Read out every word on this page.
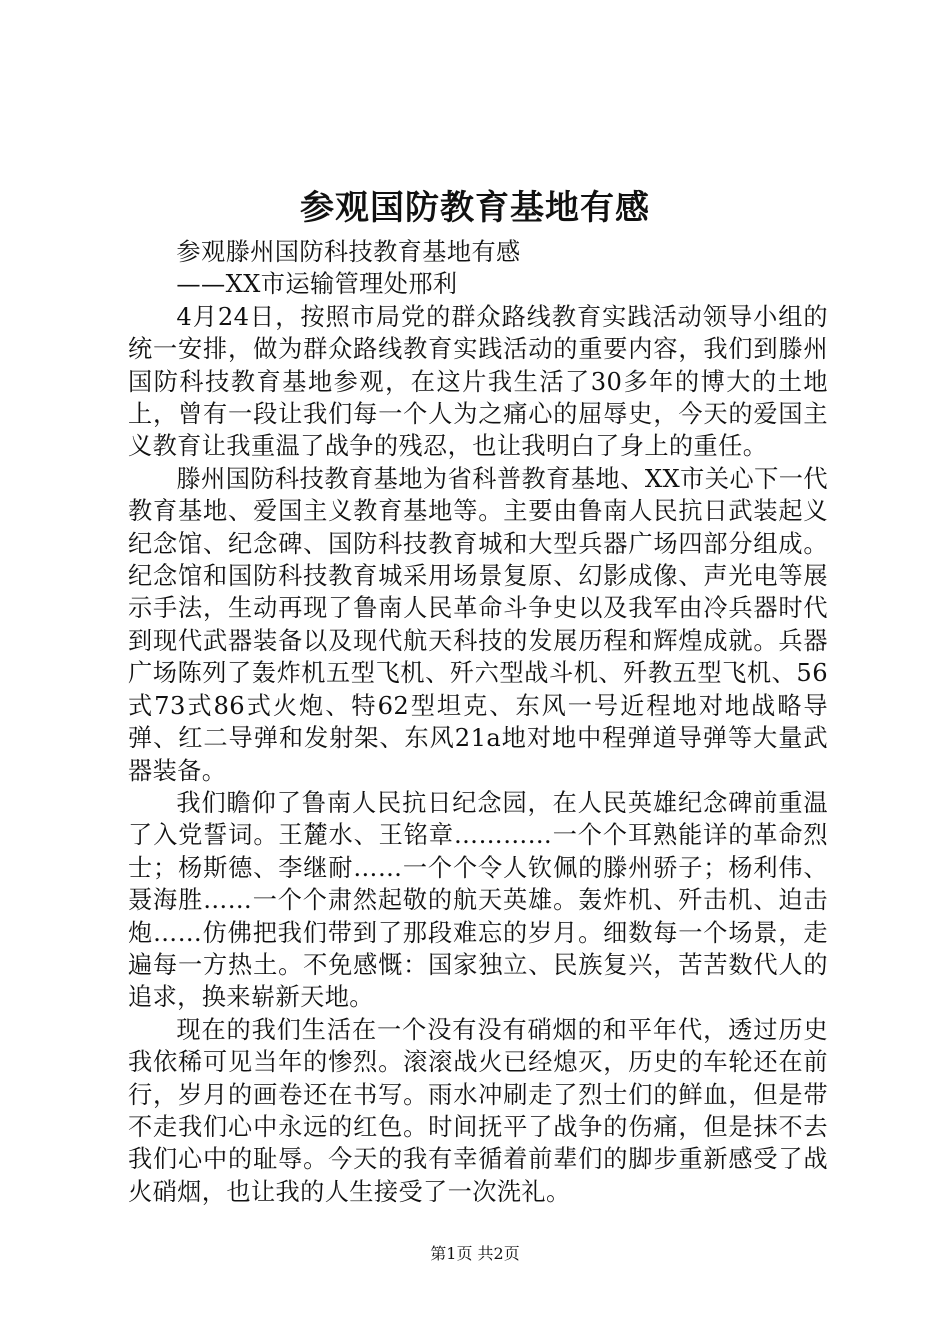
参观国防教育基地有感

参观滕州国防科技教育基地有感

——XX市运输管理处邢利

4月24日，按照市局党的群众路线教育实践活动领导小组的统一安排，做为群众路线教育实践活动的重要内容，我们到滕州国防科技教育基地参观，在这片我生活了30多年的博大的土地上，曾有一段让我们每一个人为之痛心的屈辱史，今天的爱国主义教育让我重温了战争的残忍，也让我明白了身上的重任。

滕州国防科技教育基地为省科普教育基地、XX市关心下一代教育基地、爱国主义教育基地等。主要由鲁南人民抗日武装起义纪念馆、纪念碑、国防科技教育城和大型兵器广场四部分组成。纪念馆和国防科技教育城采用场景复原、幻影成像、声光电等展示手法，生动再现了鲁南人民革命斗争史以及我军由冷兵器时代到现代武器装备以及现代航天科技的发展历程和辉煌成就。兵器广场陈列了轰炸机五型飞机、歼六型战斗机、歼教五型飞机、56式73式86式火炮、特62型坦克、东风一号近程地对地战略导弹、红二导弹和发射架、东风21a地对地中程弹道导弹等大量武器装备。

我们瞻仰了鲁南人民抗日纪念园，在人民英雄纪念碑前重温了入党誓词。王麓水、王铭章…………一个个耳熟能详的革命烈士；杨斯德、李继耐……一个个令人钦佩的滕州骄子；杨利伟、聂海胜……一个个肃然起敬的航天英雄。轰炸机、歼击机、迫击炮……仿佛把我们带到了那段难忘的岁月。细数每一个场景，走遍每一方热土。不免感慨：国家独立、民族复兴，苦苦数代人的追求，换来崭新天地。

现在的我们生活在一个没有没有硝烟的和平年代，透过历史我依稀可见当年的惨烈。滚滚战火已经熄灭，历史的车轮还在前行，岁月的画卷还在书写。雨水冲刷走了烈士们的鲜血，但是带不走我们心中永远的红色。时间抚平了战争的伤痛，但是抹不去我们心中的耻辱。今天的我有幸循着前辈们的脚步重新感受了战火硝烟，也让我的人生接受了一次洗礼。

第1页 共2页
